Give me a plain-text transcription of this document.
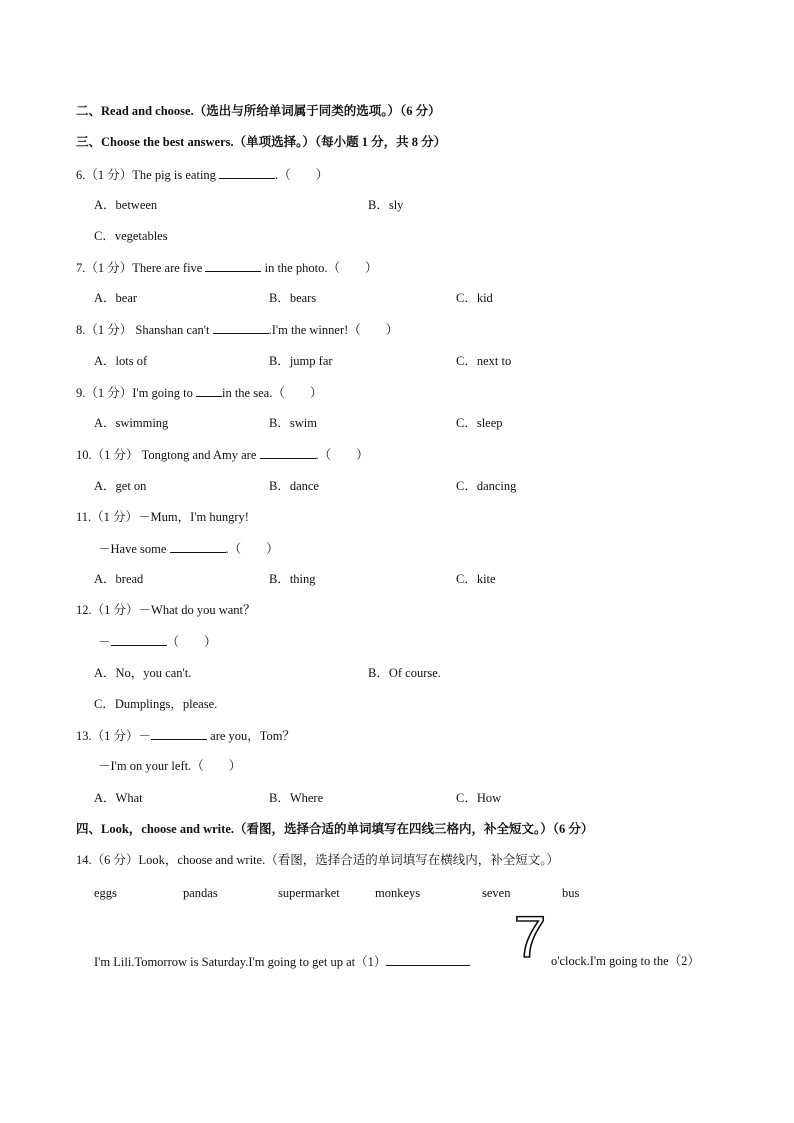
二、Read and choose.（选出与所给单词属于同类的选项。）（6 分）
三、Choose the best answers.（单项选择。）（每小题 1 分，共 8 分）
6.（1 分）The pig is eating	.（　　）
A．between	B．sly
C．vegetables
7.（1 分）There are five	in the photo.（　　）
A．bear	B．bears	C．kid
8.（1 分） Shanshan can't	.I'm the winner!（　　）
A．lots of	B．jump far	C．next to
9.（1 分）I'm going to in the sea.（　　）
A．swimming	B．swim	C．sleep
10.（1 分） Tongtong and Amy are	.（　　）
A．get on	B．dance	C．dancing
11.（1 分）－Mum，I'm hungry!
－Have some	.（　　）
A．bread	B．thing	C．kite
12.（1 分）－What do you want？
－	（　　）
A．No，you can't.	B．Of course.
C．Dumplings，please.
13.（1 分）－	are you，Tom？
－I'm on your left.（　　）
A．What	B．Where	C．How
四、Look，choose and write.（看图，选择合适的单词填写在四线三格内，补全短文。）（6 分）
14.（6 分）Look，choose and write.（看图，选择合适的单词填写在横线内，补全短文。）
eggs	pandas	supermarket	monkeys	seven	bus
I'm Lili.Tomorrow is Saturday.I'm going to get up at（1）	7 o'clock.I'm going to the（2）
